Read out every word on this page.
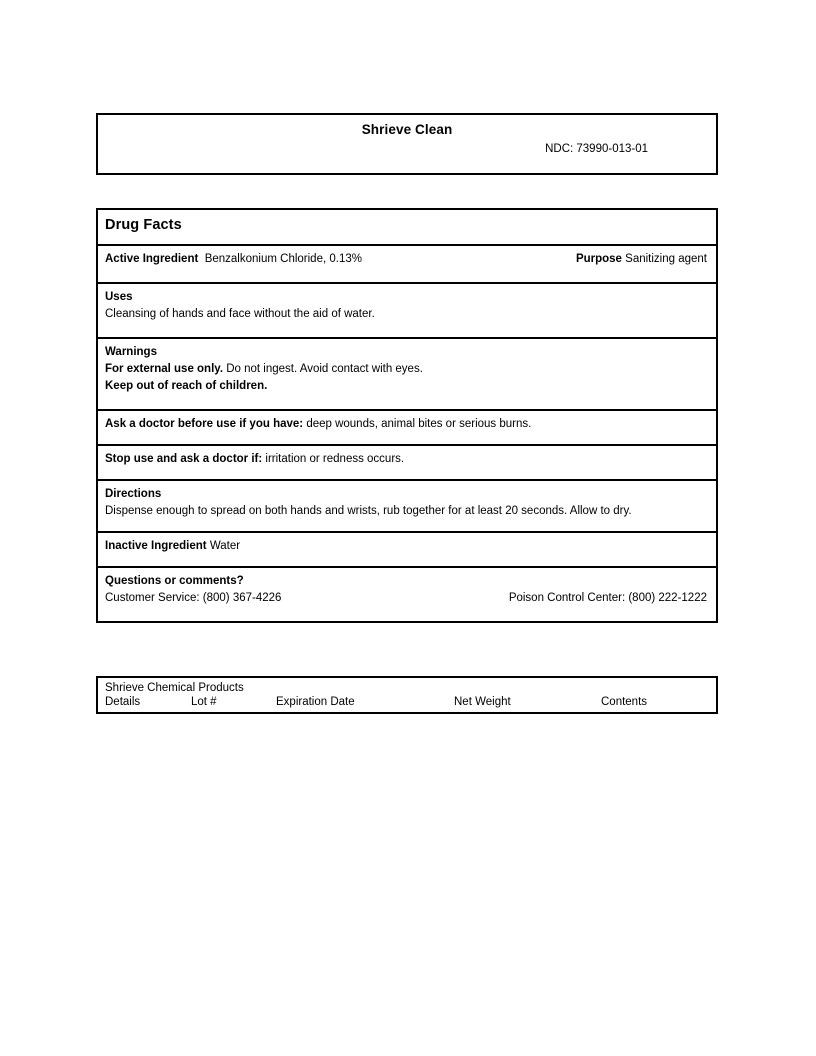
Shrieve Clean
NDC: 73990-013-01
Drug Facts
Active Ingredient Benzalkonium Chloride, 0.13%	Purpose Sanitizing agent
Uses
Cleansing of hands and face without the aid of water.
Warnings
For external use only. Do not ingest. Avoid contact with eyes.
Keep out of reach of children.
Ask a doctor before use if you have: deep wounds, animal bites or serious burns.
Stop use and ask a doctor if: irritation or redness occurs.
Directions
Dispense enough to spread on both hands and wrists, rub together for at least 20 seconds. Allow to dry.
Inactive Ingredient Water
Questions or comments?
Customer Service: (800) 367-4226	Poison Control Center: (800) 222-1222
Shrieve Chemical Products
Details	Lot #	Expiration Date	Net Weight	Contents
